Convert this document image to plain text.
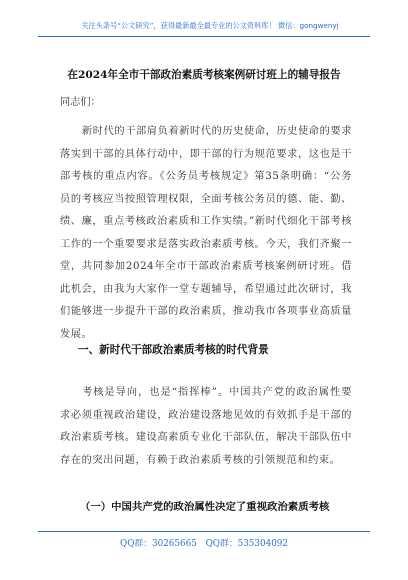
关注头条号“公文研究”，获得最新最全最专业的公文资料库！ 微信：gongwenyj
在2024年全市干部政治素质考核案例研讨班上的辅导报告
同志们：

新时代的干部肩负着新时代的历史使命，历史使命的要求落实到干部的具体行动中，即干部的行为规范要求，这也是干部考核的重点内容。《公务员考核规定》第35条明确：“公务员的考核应当按照管理权限，全面考核公务员的德、能、勤、绩、廉，重点考核政治素质和工作实绩。”新时代细化干部考核工作的一个重要要求是落实政治素质考核。今天，我们齐聚一堂，共同参加2024年全市干部政治素质考核案例研讨班。借此机会，由我为大家作一堂专题辅导，希望通过此次研讨，我们能够进一步提升干部的政治素质，推动我市各项事业高质量发展。

一、新时代干部政治素质考核的时代背景

考核是导向，也是“指挥棒”。中国共产党的政治属性要求必须重视政治建设，政治建设落地见效的有效抓手是干部的政治素质考核。建设高素质专业化干部队伍，解决干部队伍中存在的突出问题，有赖于政治素质考核的引领规范和约束。

（一）中国共产党的政治属性决定了重视政治素质考核
QQ群：30265665 QQ群：535304092
